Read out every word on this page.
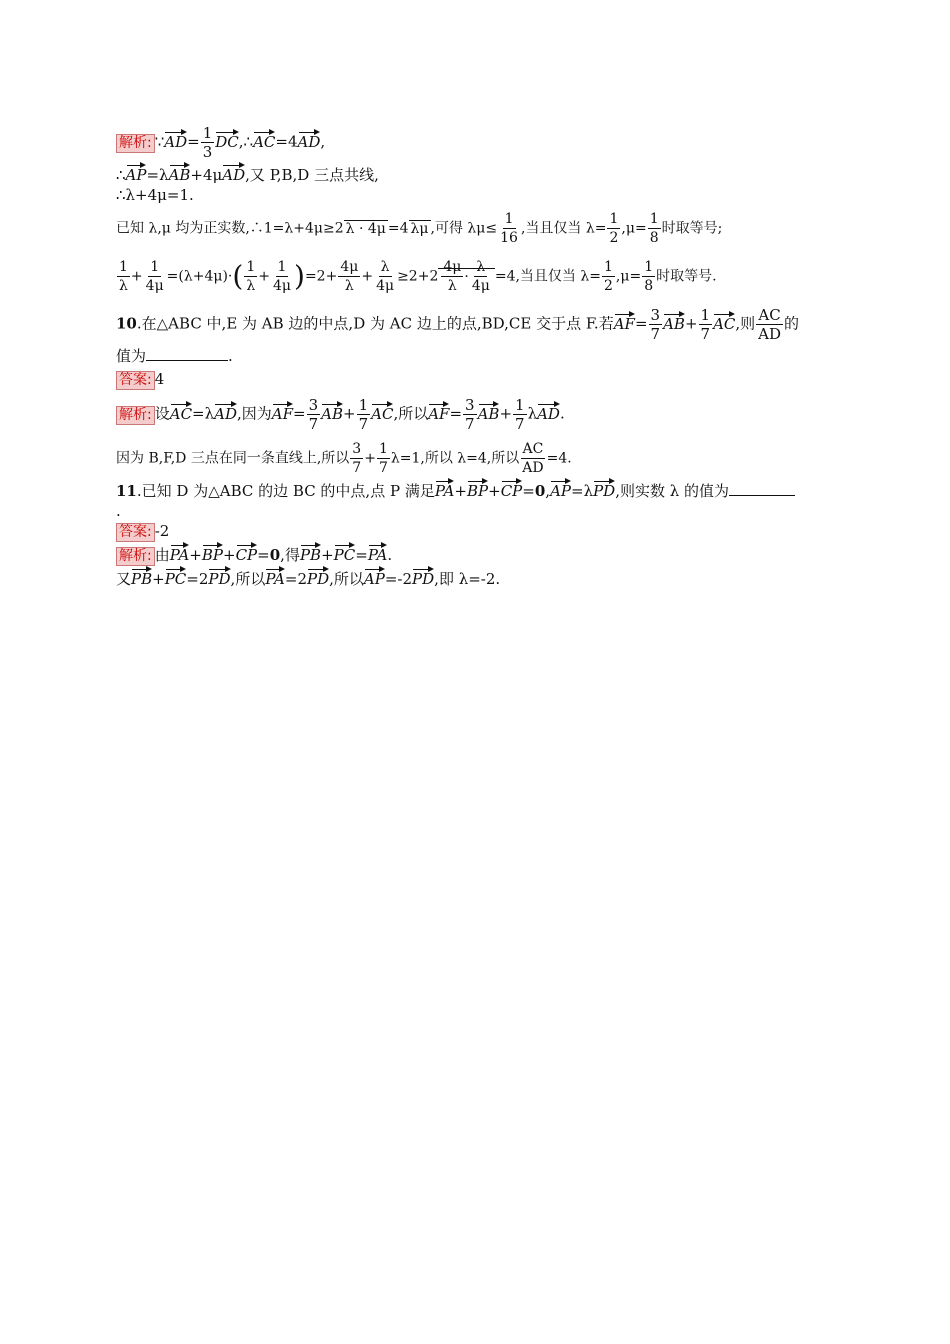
解析: ∵AD= $\frac{1}{3}$ DC,∴AC=4AD,
∴AP=λAB+4μAD,又 P,B,D 三点共线,
∴λ+4μ=1.
已知 λ,μ 均为正实数,∴1=λ+4μ≥2 λ · 4μ =4 λμ ,可得 $\lambda\mu\le \frac{1}{16}$ ,当且仅当 $\lambda= \frac{1}{2} ,\mu= \frac{1}{8}$ 时取等号;
$\frac{1}{\lambda} + \frac{1}{4\mu} =(\lambda+4\mu)\cdot( \frac{1}{\lambda} + \frac{1}{4\mu} )=2+ \frac{4\mu}{\lambda} + \frac{\lambda}{4\mu} \ge 2+2 \frac{4\mu}{\lambda} \cdot \frac{\lambda}{4\mu} =4$,当且仅当 $\lambda= \frac{1}{2} ,\mu= \frac{1}{8}$ 时取等号.
10.在△ABC 中,E 为 AB 边的中点,D 为 AC 边上的点,BD,CE 交于点 F.若$AF= \frac{3}{7} AB+ \frac{1}{7}$ AC,则 $\frac{AC}{AD}$ 的
值为	.
答案: 4
解析: 设AC=λAD,因为$AF= \frac{3}{7} AB+ \frac{1}{7}$ AC,所以$AF= \frac{3}{7} AB+ \frac{1}{7} \lambda AD$.
因为 B,F,D 三点在同一条直线上,所以 $\frac{3}{7} + \frac{1}{7} \lambda=1$,所以 λ=4,所以 $\frac{AC}{AD} =4$.
11.已知 D 为△ABC 的边 BC 的中点,点 P 满足PA+BP+CP=0,AP=λPD,则实数 λ 的值为
.
答案: -2
解析: 由PA+BP+CP=0,得PB+PC=PA.
又PB+PC=2PD,所以PA=2PD,所以AP=-2PD,即 λ=-2.
